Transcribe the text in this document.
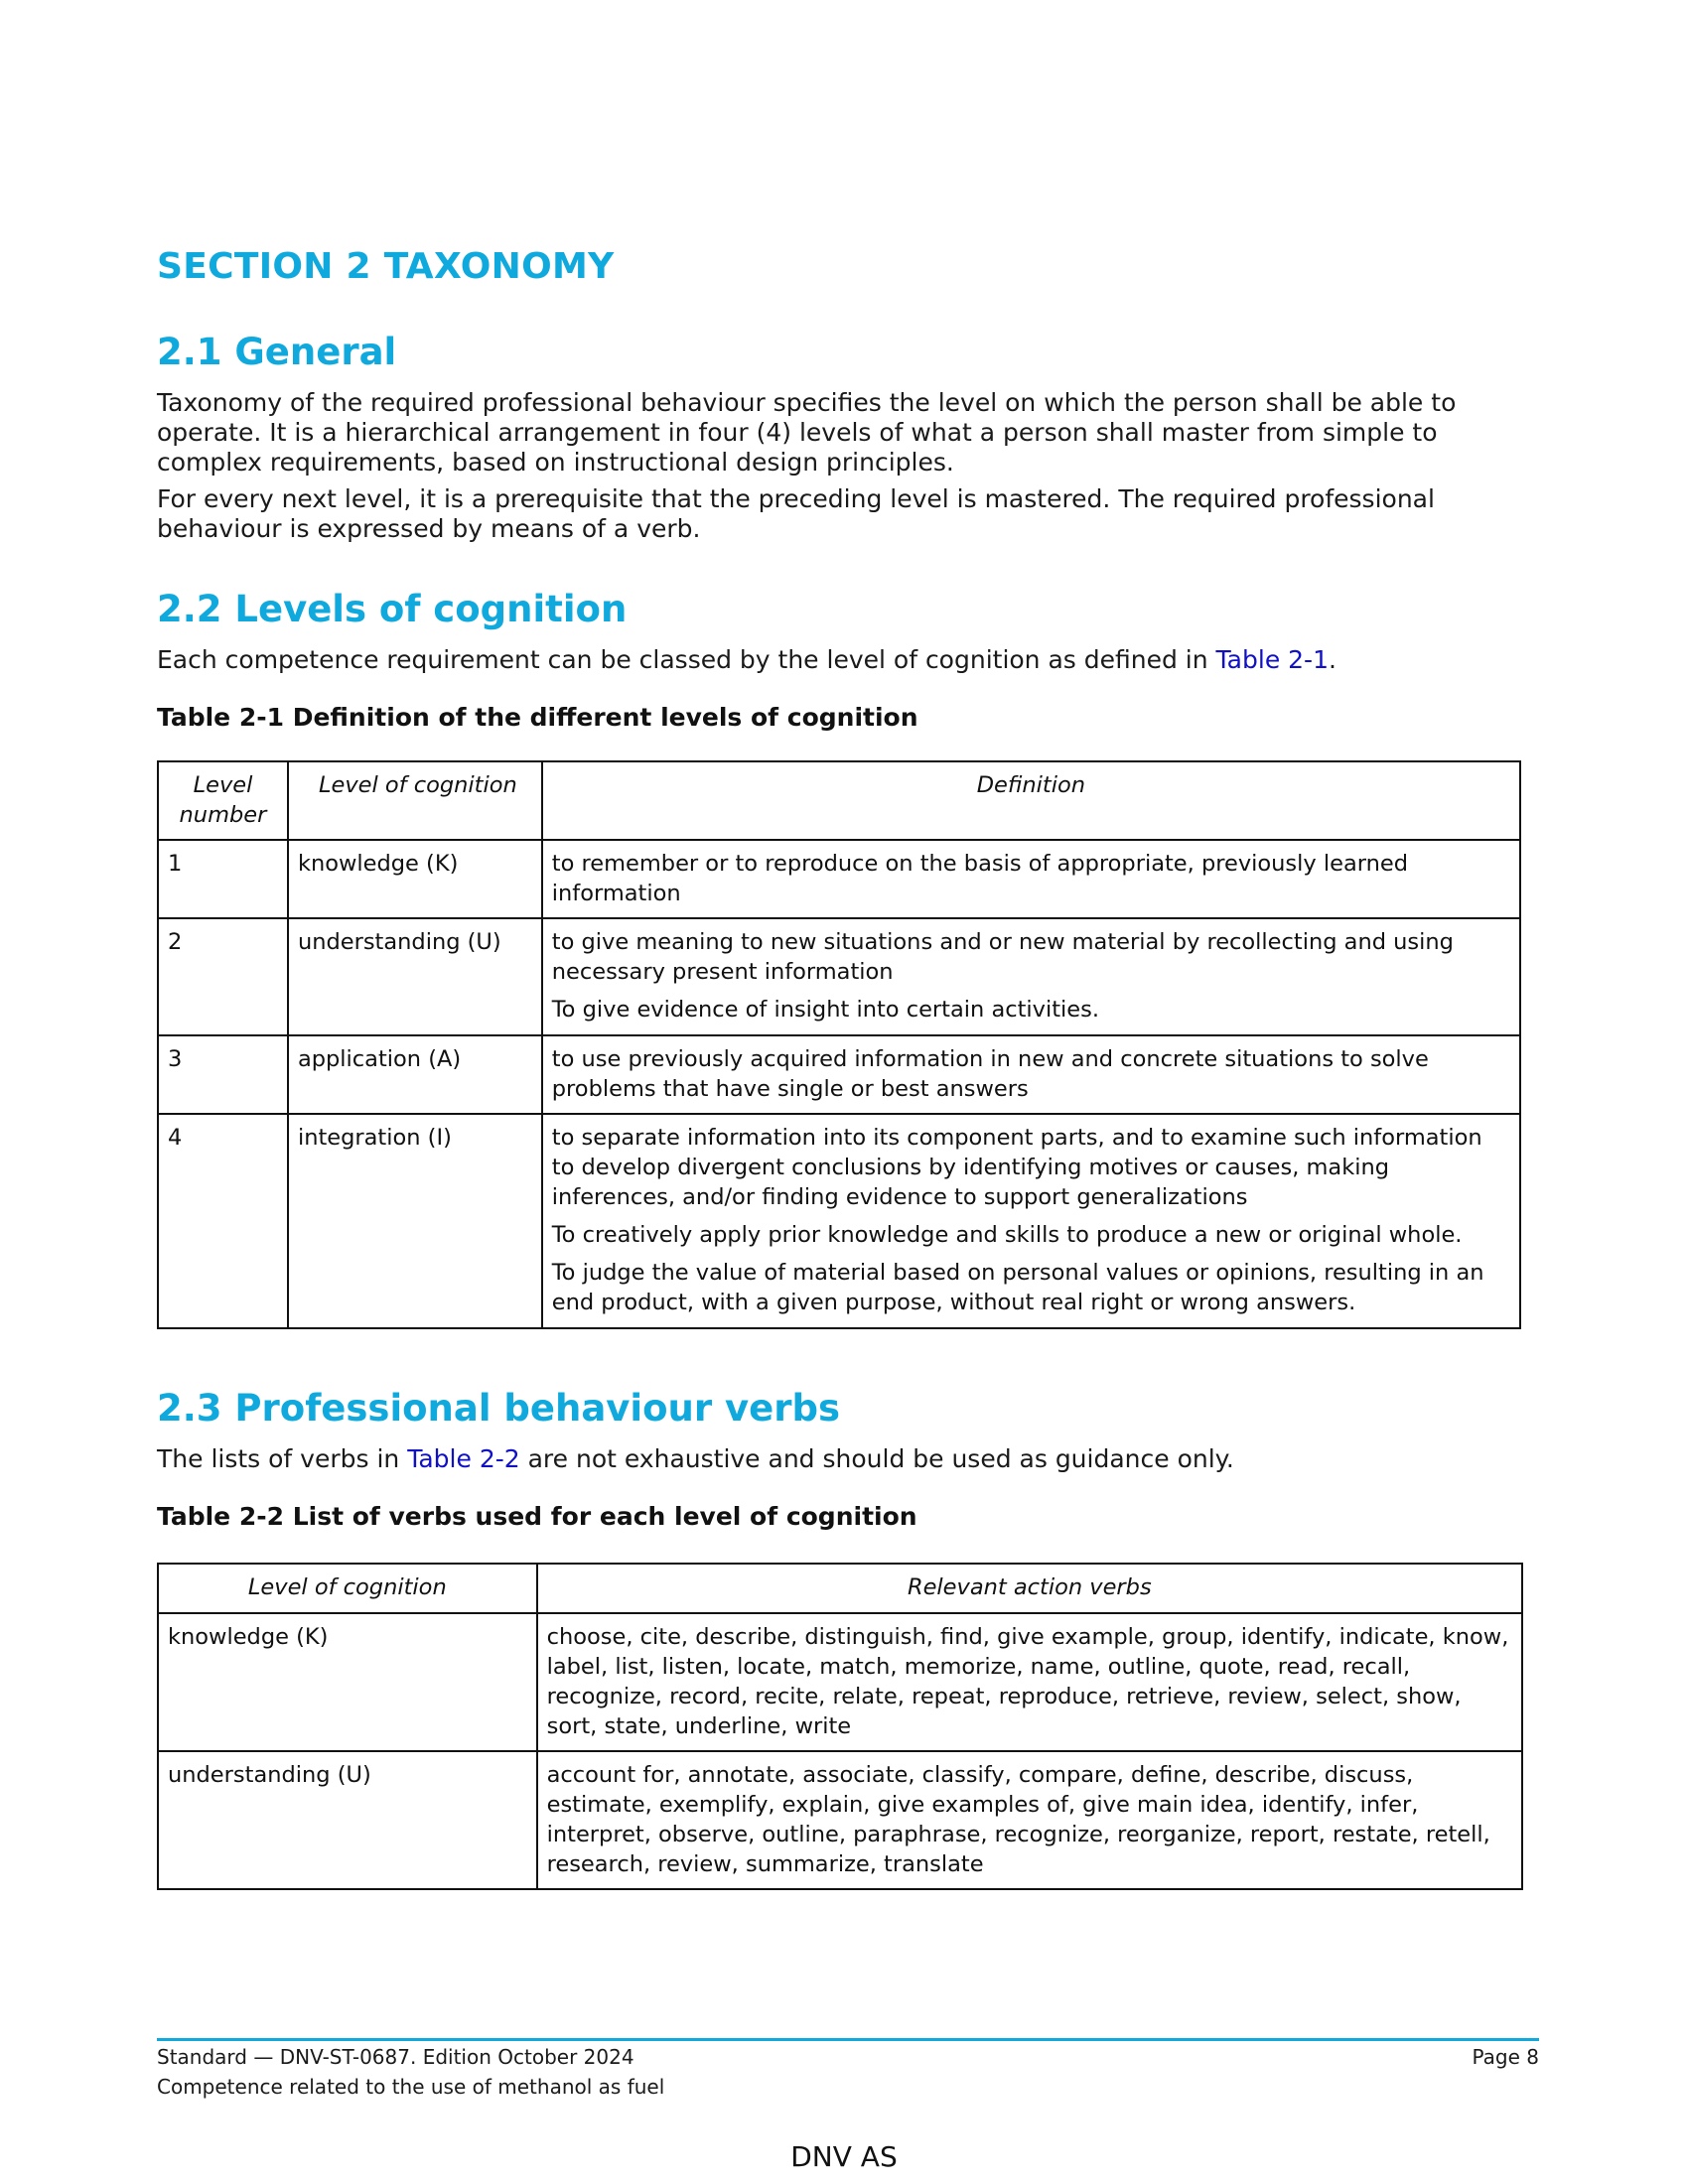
SECTION 2 TAXONOMY
2.1 General

Taxonomy of the required professional behaviour specifies the level on which the person shall be able to operate. It is a hierarchical arrangement in four (4) levels of what a person shall master from simple to complex requirements, based on instructional design principles.

For every next level, it is a prerequisite that the preceding level is mastered. The required professional behaviour is expressed by means of a verb.

2.2 Levels of cognition

Each competence requirement can be classed by the level of cognition as defined in Table 2-1.

Table 2-1 Definition of the different levels of cognition

Level number	Level of cognition	Definition
1	knowledge (K)	to remember or to reproduce on the basis of appropriate, previously learned information

2	understanding (U)	to give meaning to new situations and or new material by recollecting and using necessary present information
To give evidence of insight into certain activities.

3	application (A)	to use previously acquired information in new and concrete situations to solve problems that have single or best answers

4	integration (I)	to separate information into its component parts, and to examine such information to develop divergent conclusions by identifying motives or causes, making inferences, and/or finding evidence to support generalizations
To creatively apply prior knowledge and skills to produce a new or original whole.
To judge the value of material based on personal values or opinions, resulting in an end product, with a given purpose, without real right or wrong answers.
2.3 Professional behaviour verbs

The lists of verbs in Table 2-2 are not exhaustive and should be used as guidance only.

Table 2-2 List of verbs used for each level of cognition

Level of cognition	Relevant action verbs
knowledge (K)	choose, cite, describe, distinguish, find, give example, group, identify, indicate, know, label, list, listen, locate, match, memorize, name, outline, quote, read, recall, recognize, record, recite, relate, repeat, reproduce, retrieve, review, select, show, sort, state, underline, write
understanding (U)	account for, annotate, associate, classify, compare, define, describe, discuss, estimate, exemplify, explain, give examples of, give main idea, identify, infer, interpret, observe, outline, paraphrase, recognize, reorganize, report, restate, retell, research, review, summarize, translate
Standard — DNV-ST-0687. Edition October 2024
Competence related to the use of methanol as fuel
Page 8
DNV AS
